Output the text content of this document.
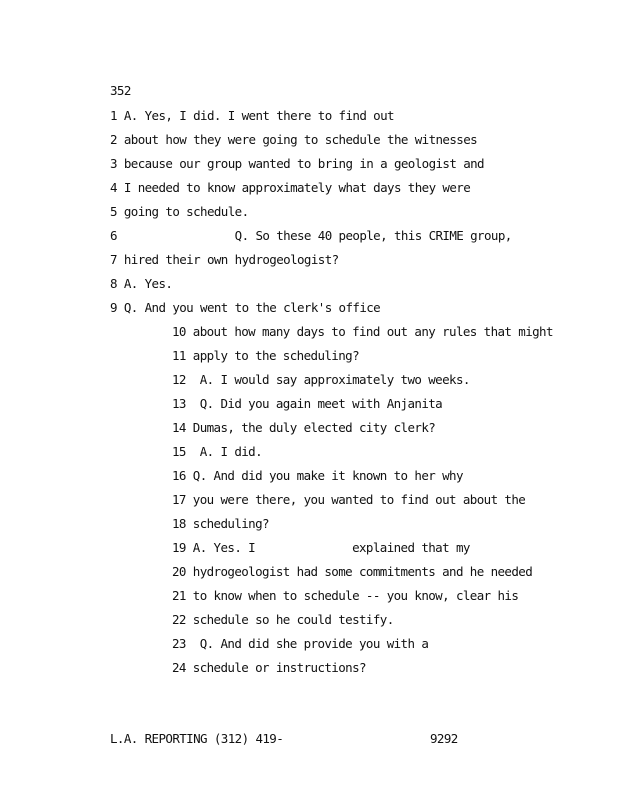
352
1 A. Yes, I did. I went there to find out
2 about how they were going to schedule the witnesses
3 because our group wanted to bring in a geologist and
4 I needed to know approximately what days they were
5 going to schedule.
6                 Q. So these 40 people, this CRIME group,
7 hired their own hydrogeologist?
8 A. Yes.
9 Q. And you went to the clerk's office
10 about how many days to find out any rules that might
11 apply to the scheduling?
12  A. I would say approximately two weeks.
13  Q. Did you again meet with Anjanita
14 Dumas, the duly elected city clerk?
15  A. I did.
16 Q. And did you make it known to her why
17 you were there, you wanted to find out about the
18 scheduling?
19 A. Yes. I              explained that my
20 hydrogeologist had some commitments and he needed
21 to know when to schedule -- you know, clear his
22 schedule so he could testify.
23  Q. And did she provide you with a
24 schedule or instructions?
L.A. REPORTING (312) 419-	9292
